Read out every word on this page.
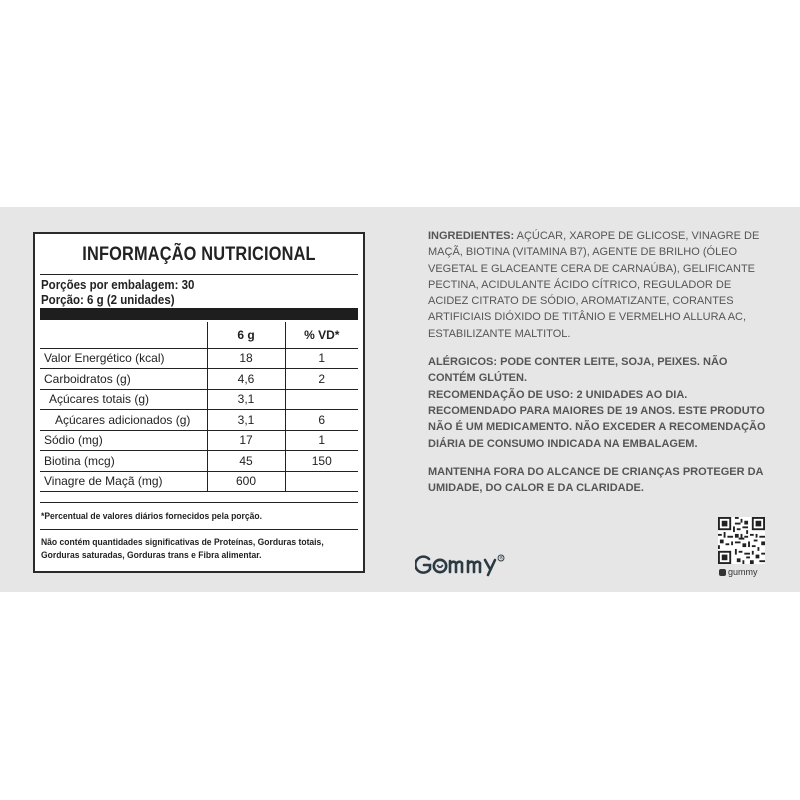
INFORMAÇÃO NUTRICIONAL
Porções por embalagem: 30
Porção: 6 g (2 unidades)
	6 g	% VD*
Valor Energético (kcal)	18	1
Carboidratos (g)	4,6	2
Açúcares totais (g)	3,1	
Açúcares adicionados (g)	3,1	6
Sódio (mg)	17	1
Biotina (mcg)	45	150
Vinagre de Maçã (mg)	600	
*Percentual de valores diários fornecidos pela porção.
Não contém quantidades significativas de Proteínas, Gorduras totais,
Gorduras saturadas, Gorduras trans e Fibra alimentar.

INGREDIENTES: AÇÚCAR, XAROPE DE GLICOSE, VINAGRE DE MAÇÃ, BIOTINA (VITAMINA B7), AGENTE DE BRILHO (ÓLEO VEGETAL E GLACEANTE CERA DE CARNAÚBA), GELIFICANTE PECTINA, ACIDULANTE ÁCIDO CÍTRICO, REGULADOR DE ACIDEZ CITRATO DE SÓDIO, AROMATIZANTE, CORANTES ARTIFICIAIS DIÓXIDO DE TITÂNIO E VERMELHO ALLURA AC, ESTABILIZANTE MALTITOL.

ALÉRGICOS: PODE CONTER LEITE, SOJA, PEIXES. NÃO CONTÉM GLÚTEN.

RECOMENDAÇÃO DE USO: 2 UNIDADES AO DIA.

RECOMENDADO PARA MAIORES DE 19 ANOS. ESTE PRODUTO NÃO É UM MEDICAMENTO. NÃO EXCEDER A RECOMENDAÇÃO DIÁRIA DE CONSUMO INDICADA NA EMBALAGEM.

MANTENHA FORA DO ALCANCE DE CRIANÇAS PROTEGER DA UMIDADE, DO CALOR E DA CLARIDADE.

®
gummy
